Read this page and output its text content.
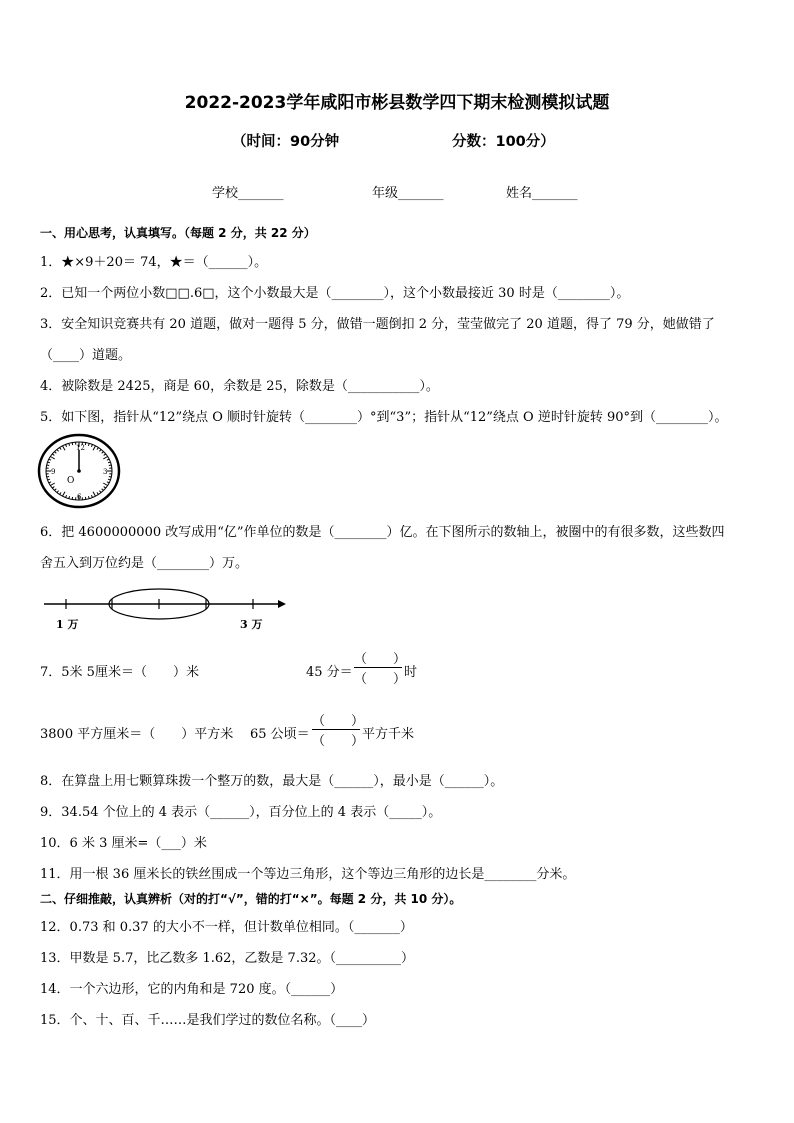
2022-2023学年咸阳市彬县数学四下期末检测模拟试题
（时间：90分钟	分数：100分）
学校_______	年级_______	姓名_______
一、用心思考，认真填写。（每题 2 分，共 22 分）
1．★×9＋20＝ 74，★＝（______）。
2．已知一个两位小数□□.6□，这个小数最大是（________），这个小数最接近 30 时是（________）。
3．安全知识竞赛共有 20 道题，做对一题得 5 分，做错一题倒扣 2 分，莹莹做完了 20 道题，得了 79 分，她做错了
（____）道题。
4．被除数是 2425，商是 60，余数是 25，除数是（___________）。
5．如下图，指针从“12”绕点 O 顺时针旋转（________）°到“3”；指针从“12”绕点 O 逆时针旋转 90°到（________）。
12
3
6
9
O
6．把 4600000000 改写成用“亿”作单位的数是（________）亿。在下图所示的数轴上，被圈中的有很多数，这些数四
舍五入到万位约是（________）万。
1 万	3 万
7．5米 5厘米＝（　　）米	45 分＝
（　　）
（　　）
时
3800 平方厘米＝（　　）平方米 65 公顷＝
（　　）
（　　）
平方千米
8．在算盘上用七颗算珠拨一个整万的数，最大是（______），最小是（______）。
9．34.54 个位上的 4 表示（______），百分位上的 4 表示（_____）。
10．6 米 3 厘米=（___）米
11．用一根 36 厘米长的铁丝围成一个等边三角形，这个等边三角形的边长是________分米。
二、仔细推敲，认真辨析（对的打“√”，错的打“×”。每题 2 分，共 10 分）。
12．0.73 和 0.37 的大小不一样，但计数单位相同。（_______）
13．甲数是 5.7，比乙数多 1.62，乙数是 7.32。（__________）
14．一个六边形，它的内角和是 720 度。（______）
15．个、十、百、千……是我们学过的数位名称。（____）
